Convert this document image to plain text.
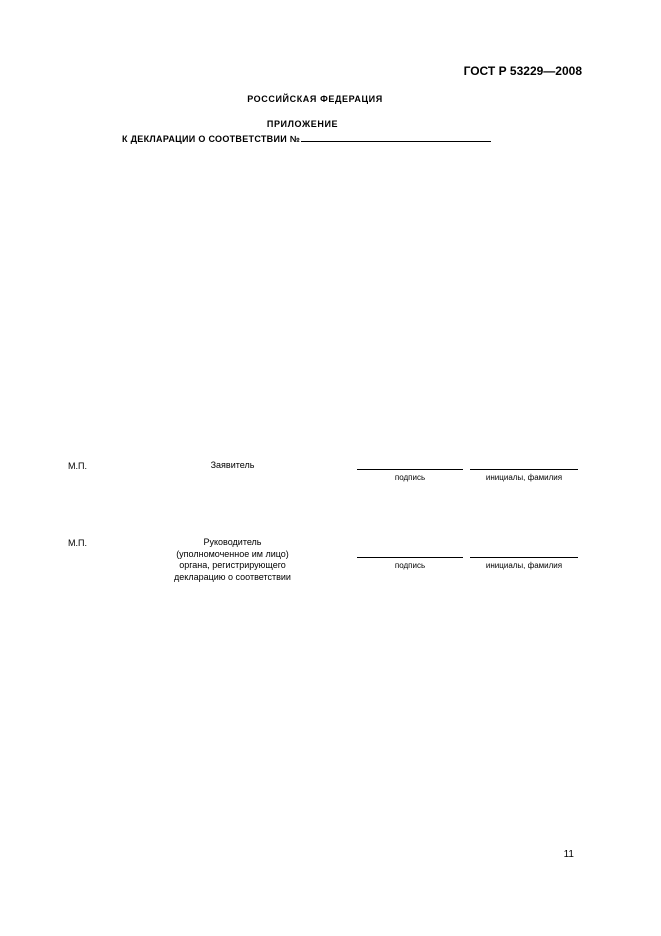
ГОСТ Р 53229—2008
РОССИЙСКАЯ ФЕДЕРАЦИЯ
ПРИЛОЖЕНИЕ
К ДЕКЛАРАЦИИ О СООТВЕТСТВИИ №
М.П.	Заявитель
подпись	инициалы, фамилия
М.П.	Руководитель
(уполномоченное им лицо)
органа, регистрирующего
декларацию о соответствии
подпись	инициалы, фамилия
11
